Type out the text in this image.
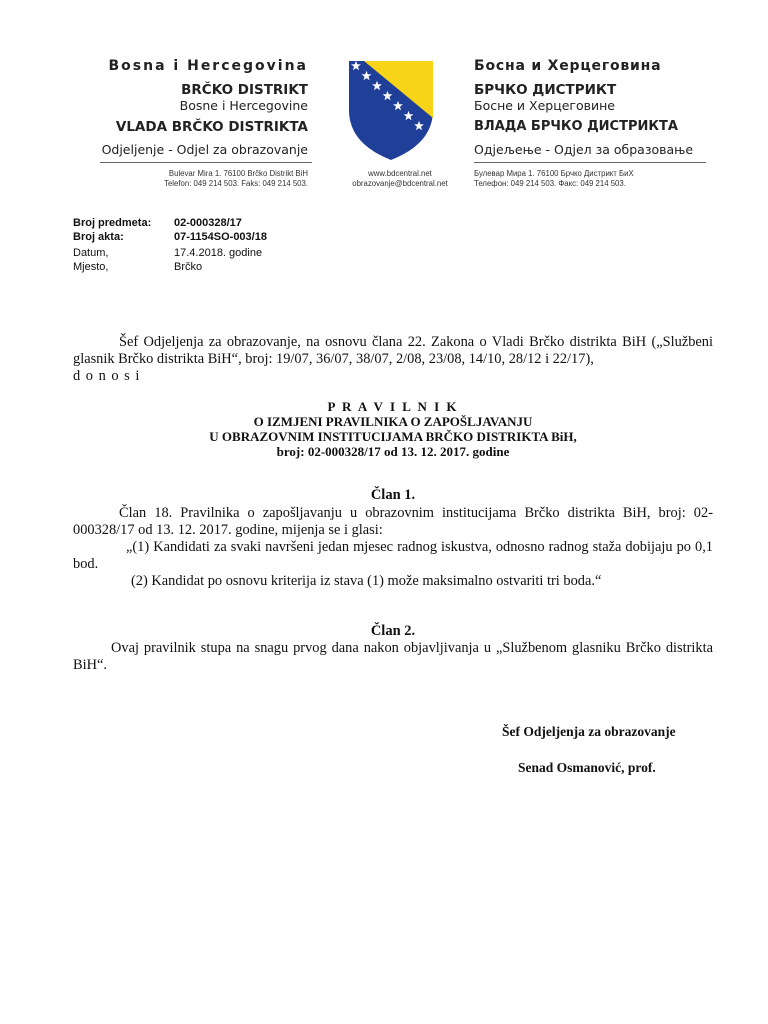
Bosna i Hercegovina
BRČKO DISTRIKT
Bosne i Hercegovine
VLADA BRČKO DISTRIKTA
Odjeljenje - Odjel za obrazovanje
Bulevar Mira 1. 76100 Brčko Distrikt BiH
Telefon: 049 214 503. Faks: 049 214 503.
www.bdcentral.net
obrazovanje@bdcentral.net
Босна и Херцеговина
БРЧКО ДИСТРИКТ
Босне и Херцеговине
ВЛАДА БРЧКО ДИСТРИКТА
Одјељење - Одјел за образовање
Булевар Мира 1. 76100 Брчко Дистрикт БиХ
Телефон: 049 214 503. Факс: 049 214 503.
Broj predmeta: 02-000328/17
Broj akta:	07-1154SO-003/18
Datum,	17.4.2018. godine
Mjesto,	Brčko
Šef Odjeljenja za obrazovanje, na osnovu člana 22. Zakona o Vladi Brčko distrikta BiH („Službeni glasnik Brčko distrikta BiH“, broj: 19/07, 36/07, 38/07, 2/08, 23/08, 14/10, 28/12 i 22/17),
d o n o s i
P R A V I L N I K
O IZMJENI PRAVILNIKA O ZAPOŠLJAVANJU
U OBRAZOVNIM INSTITUCIJAMA BRČKO DISTRIKTA BiH,
broj: 02-000328/17 od 13. 12. 2017. godine
Član 1.
Član 18. Pravilnika o zapošljavanju u obrazovnim institucijama Brčko distrikta BiH, broj: 02-000328/17 od 13. 12. 2017. godine, mijenja se i glasi:
„(1) Kandidati za svaki navršeni jedan mjesec radnog iskustva, odnosno radnog staža dobijaju po 0,1 bod.
(2) Kandidat po osnovu kriterija iz stava (1) može maksimalno ostvariti tri boda.“
Član 2.
Ovaj pravilnik stupa na snagu prvog dana nakon objavljivanja u „Službenom glasniku Brčko distrikta BiH“.
Šef Odjeljenja za obrazovanje
Senad Osmanović, prof.
